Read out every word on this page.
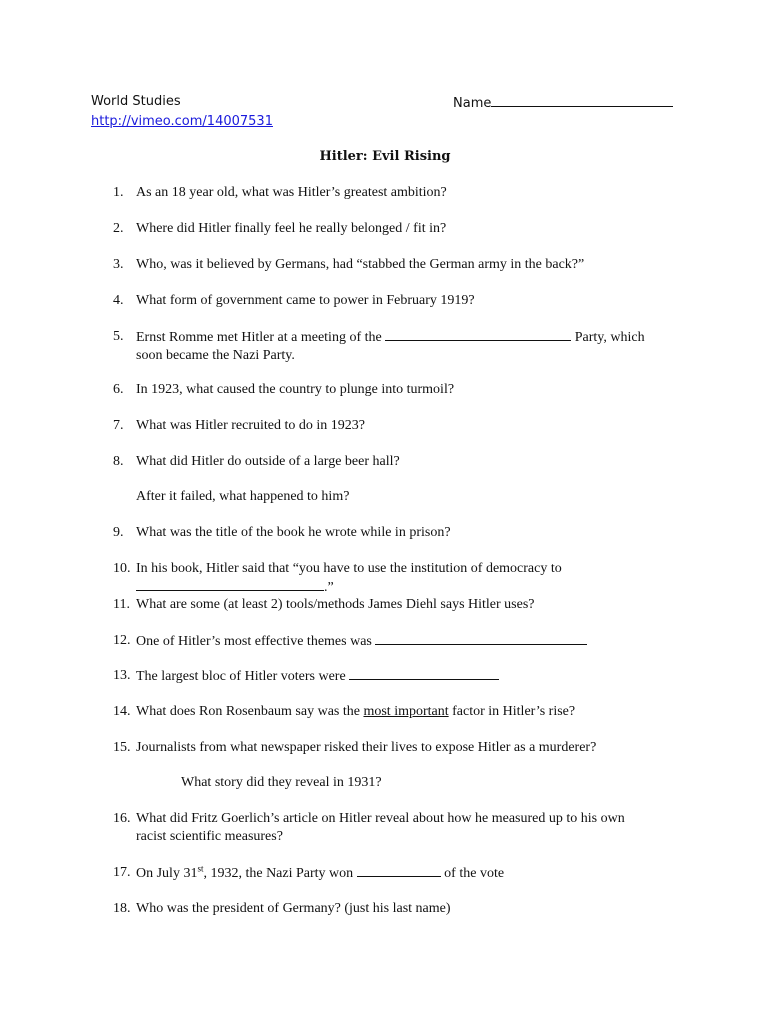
World Studies
http://vimeo.com/14007531
Name
Hitler: Evil Rising
1. As an 18 year old, what was Hitler’s greatest ambition?
2. Where did Hitler finally feel he really belonged / fit in?
3. Who, was it believed by Germans, had “stabbed the German army in the back?”
4. What form of government came to power in February 1919?
5. Ernst Romme met Hitler at a meeting of the	Party, which
soon became the Nazi Party.
6. In 1923, what caused the country to plunge into turmoil?
7. What was Hitler recruited to do in 1923?
8. What did Hitler do outside of a large beer hall?
After it failed, what happened to him?
9. What was the title of the book he wrote while in prison?
10. In his book, Hitler said that “you have to use the institution of democracy to
.”
11. What are some (at least 2) tools/methods James Diehl says Hitler uses?
12. One of Hitler’s most effective themes was
13. The largest bloc of Hitler voters were
14. What does Ron Rosenbaum say was the most important factor in Hitler’s rise?
15. Journalists from what newspaper risked their lives to expose Hitler as a murderer?
What story did they reveal in 1931?
16. What did Fritz Goerlich’s article on Hitler reveal about how he measured up to his own
racist scientific measures?
17. On July 31st, 1932, the Nazi Party won	of the vote
18. Who was the president of Germany? (just his last name)
